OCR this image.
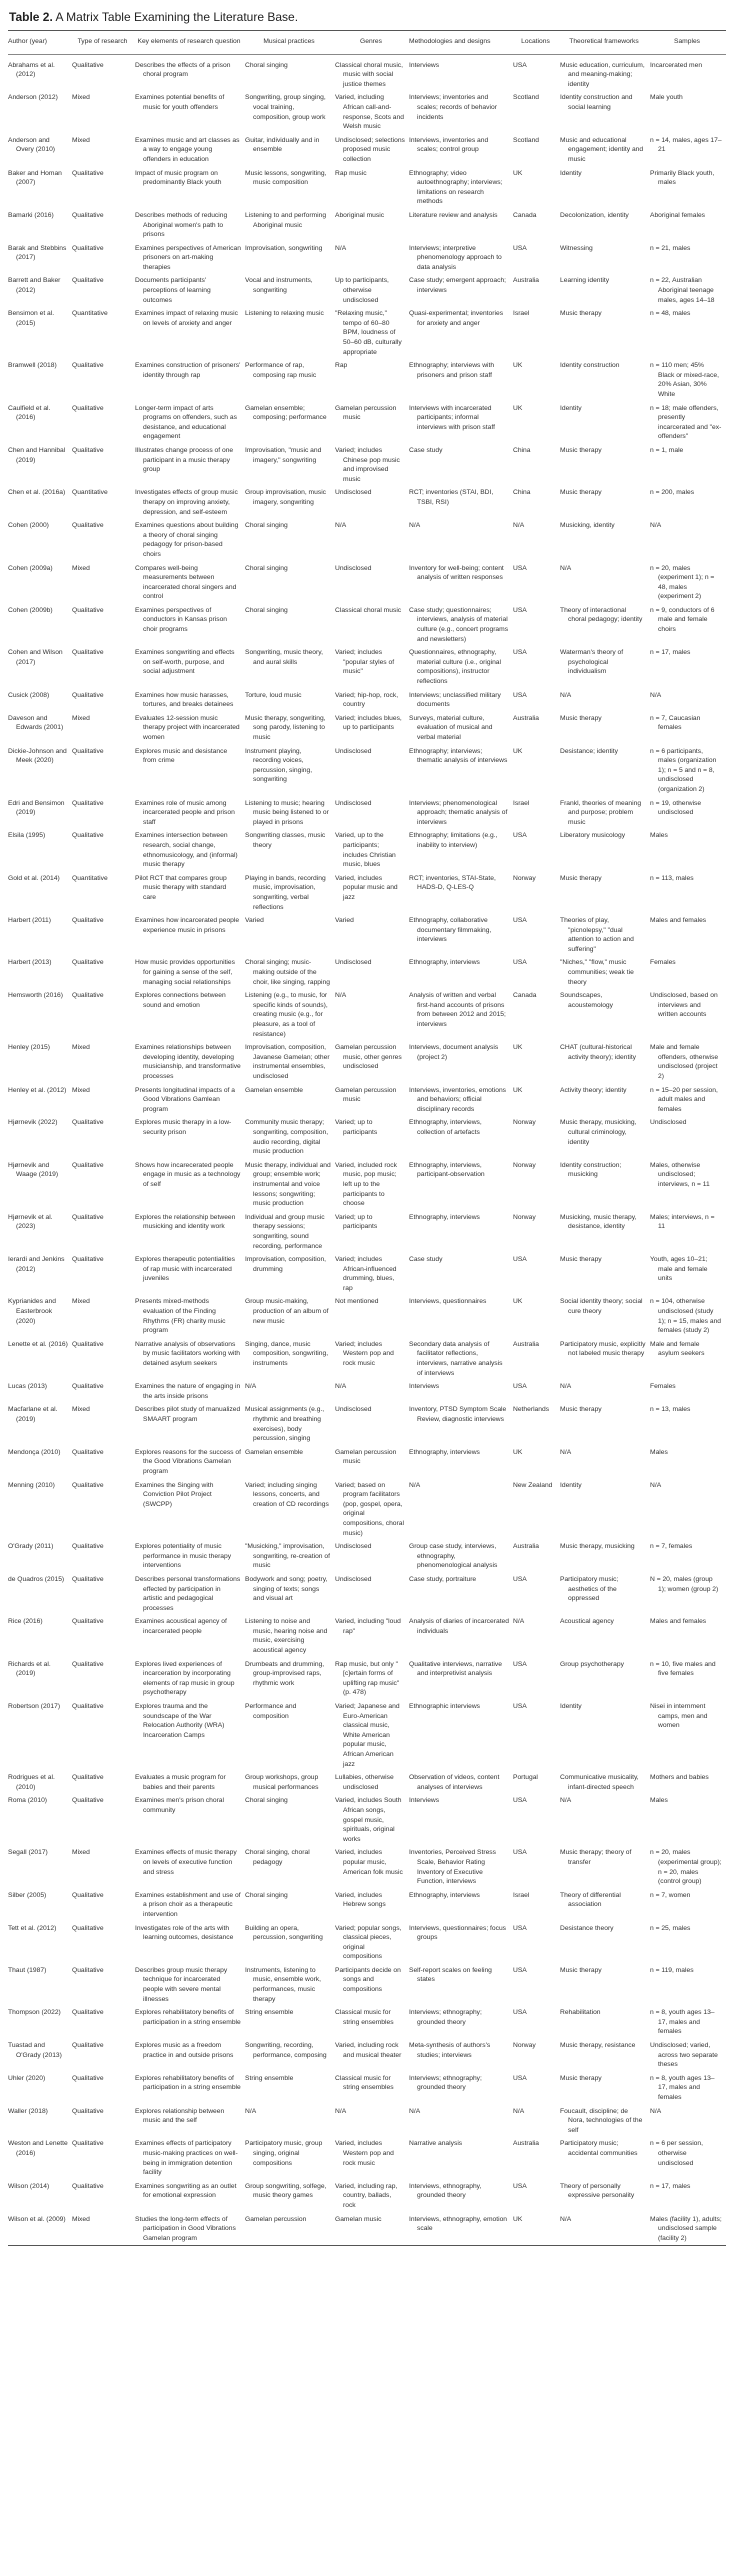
Table 2. A Matrix Table Examining the Literature Base.
Author (year)	Type of research	Key elements of research question	Musical practices	Genres	Methodologies and designs	Locations	Theoretical frameworks	Samples
Abrahams et al. (2012)	Qualitative	Describes the effects of a prison choral program	Choral singing	Classical choral music, music with social justice themes	Interviews	USA	Music education, curriculum, and meaning-making; identity	Incarcerated men
Anderson (2012)	Mixed	Examines potential benefits of music for youth offenders	Songwriting, group singing, vocal training, composition, group work	Varied, including African call-and-response, Scots and Welsh music	Interviews; inventories and scales; records of behavior incidents	Scotland	Identity construction and social learning	Male youth
Anderson and Overy (2010)	Mixed	Examines music and art classes as a way to engage young offenders in education	Guitar, individually and in ensemble	Undisclosed; selections proposed music collection	Interviews, inventories and scales; control group	Scotland	Music and educational engagement; identity and music	n = 14, males, ages 17–21
Baker and Homan (2007)	Qualitative	Impact of music program on predominantly Black youth	Music lessons, songwriting, music composition	Rap music	Ethnography; video autoethnography; interviews; limitations on research methods	UK	Identity	Primarily Black youth, males
Bamarki (2016)	Qualitative	Describes methods of reducing Aboriginal women's path to prisons	Listening to and performing Aboriginal music	Aboriginal music	Literature review and analysis	Canada	Decolonization, identity	Aboriginal females
Barak and Stebbins (2017)	Qualitative	Examines perspectives of American prisoners on art-making therapies	Improvisation, songwriting	N/A	Interviews; interpretive phenomenology approach to data analysis	USA	Witnessing	n = 21, males
Barrett and Baker (2012)	Qualitative	Documents participants' perceptions of learning outcomes	Vocal and instruments, songwriting	Up to participants, otherwise undisclosed	Case study; emergent approach; interviews	Australia	Learning identity	n = 22, Australian Aboriginal teenage males, ages 14–18
Bensimon et al. (2015)	Quantitative	Examines impact of relaxing music on levels of anxiety and anger	Listening to relaxing music	"Relaxing music," tempo of 60–80 BPM, loudness of 50–60 dB, culturally appropriate	Quasi-experimental; inventories for anxiety and anger	Israel	Music therapy	n = 48, males
Bramwell (2018)	Qualitative	Examines construction of prisoners' identity through rap	Performance of rap, composing rap music	Rap	Ethnography; interviews with prisoners and prison staff	UK	Identity construction	n = 110 men; 45% Black or mixed-race, 20% Asian, 30% White
Caulfield et al. (2016)	Qualitative	Longer-term impact of arts programs on offenders, such as desistance, and educational engagement	Gamelan ensemble; composing; performance	Gamelan percussion music	Interviews with incarcerated participants; informal interviews with prison staff	UK	Identity	n = 18; male offenders, presently incarcerated and "ex-offenders"
Chen and Hannibal (2019)	Qualitative	Illustrates change process of one participant in a music therapy group	Improvisation, "music and imagery," songwriting	Varied; includes Chinese pop music and improvised music	Case study	China	Music therapy	n = 1, male
Chen et al. (2016a)	Quantitative	Investigates effects of group music therapy on improving anxiety, depression, and self-esteem	Group improvisation, music imagery, songwriting	Undisclosed	RCT; inventories (STAI, BDI, TSBI, RSI)	China	Music therapy	n = 200, males
Cohen (2000)	Qualitative	Examines questions about building a theory of choral singing pedagogy for prison-based choirs	Choral singing	N/A	N/A	N/A	Musicking, identity	N/A
Cohen (2009a)	Mixed	Compares well-being measurements between incarcerated choral singers and control	Choral singing	Undisclosed	Inventory for well-being; content analysis of written responses	USA	N/A	n = 20, males (experiment 1); n = 48, males (experiment 2)
Cohen (2009b)	Qualitative	Examines perspectives of conductors in Kansas prison choir programs	Choral singing	Classical choral music	Case study; questionnaires; interviews, analysis of material culture (e.g., concert programs and newsletters)	USA	Theory of interactional choral pedagogy; identity	n = 9, conductors of 6 male and female choirs
Cohen and Wilson (2017)	Qualitative	Examines songwriting and effects on self-worth, purpose, and social adjustment	Songwriting, music theory, and aural skills	Varied; includes "popular styles of music"	Questionnaires, ethnography, material culture (i.e., original compositions), instructor reflections	USA	Waterman's theory of psychological individualism	n = 17, males
Cusick (2008)	Qualitative	Examines how music harasses, tortures, and breaks detainees	Torture, loud music	Varied; hip-hop, rock, country	Interviews; unclassified military documents	USA	N/A	N/A
Daveson and Edwards (2001)	Mixed	Evaluates 12-session music therapy project with incarcerated women	Music therapy, songwriting, song parody, listening to music	Varied; includes blues, up to participants	Surveys, material culture, evaluation of musical and verbal material	Australia	Music therapy	n = 7, Caucasian females
Dickie-Johnson and Meek (2020)	Qualitative	Explores music and desistance from crime	Instrument playing, recording voices, percussion, singing, songwriting	Undisclosed	Ethnography; interviews; thematic analysis of interviews	UK	Desistance; identity	n = 6 participants, males (organization 1); n = 5 and n = 8, undisclosed (organization 2)
Edri and Bensimon (2019)	Qualitative	Examines role of music among incarcerated people and prison staff	Listening to music; hearing music being listened to or played in prisons	Undisclosed	Interviews; phenomenological approach; thematic analysis of interviews	Israel	Frankl, theories of meaning and purpose; problem music	n = 19, otherwise undisclosed
Elsila (1995)	Qualitative	Examines intersection between research, social change, ethnomusicology, and (informal) music therapy	Songwriting classes, music theory	Varied, up to the participants; includes Christian music, blues	Ethnography; limitations (e.g., inability to interview)	USA	Liberatory musicology	Males
Gold et al. (2014)	Quantitative	Pilot RCT that compares group music therapy with standard care	Playing in bands, recording music, improvisation, songwriting, verbal reflections	Varied, includes popular music and jazz	RCT; inventories, STAI-State, HADS-D, Q-LES-Q	Norway	Music therapy	n = 113, males
Harbert (2011)	Qualitative	Examines how incarcerated people experience music in prisons	Varied	Varied	Ethnography, collaborative documentary filmmaking, interviews	USA	Theories of play, "picnolepsy," "dual attention to action and suffering"	Males and females
Harbert (2013)	Qualitative	How music provides opportunities for gaining a sense of the self, managing social relationships	Choral singing; music-making outside of the choir, like singing, rapping	Undisclosed	Ethnography, interviews	USA	"Niches," "flow," music communities; weak tie theory	Females
Hemsworth (2016)	Qualitative	Explores connections between sound and emotion	Listening (e.g., to music, for specific kinds of sounds), creating music (e.g., for pleasure, as a tool of resistance)	N/A	Analysis of written and verbal first-hand accounts of prisons from between 2012 and 2015; interviews	Canada	Soundscapes, acoustemology	Undisclosed, based on interviews and written accounts
Henley (2015)	Mixed	Examines relationships between developing identity, developing musicianship, and transformative processes	Improvisation, composition, Javanese Gamelan; other instrumental ensembles, undisclosed	Gamelan percussion music, other genres undisclosed	Interviews, document analysis (project 2)	UK	CHAT (cultural-historical activity theory); identity	Male and female offenders, otherwise undisclosed (project 2)
Henley et al. (2012)	Mixed	Presents longitudinal impacts of a Good Vibrations Gamlean program	Gamelan ensemble	Gamelan percussion music	Interviews, inventories, emotions and behaviors; official disciplinary records	UK	Activity theory; identity	n = 15–20 per session, adult males and females
Hjørnevik (2022)	Qualitative	Explores music therapy in a low-security prison	Community music therapy; songwriting, composition, audio recording, digital music production	Varied; up to participants	Ethnography, interviews, collection of artefacts	Norway	Music therapy, musicking, cultural criminology, identity	Undisclosed
Hjørnevik and Waage (2019)	Qualitative	Shows how incarecerated people engage in music as a technology of self	Music therapy, individual and group; ensemble work; instrumental and voice lessons; songwriting; music production	Varied, included rock music, pop music; left up to the participants to choose	Ethnography, interviews, participant-observation	Norway	Identity construction; musicking	Males, otherwise undisclosed; interviews, n = 11
Hjørnevik et al. (2023)	Qualitative	Explores the relationship between musicking and identity work	Individual and group music therapy sessions; songwriting, sound recording, performance	Varied; up to participants	Ethnography, interviews	Norway	Musicking, music therapy, desistance, identity	Males; interviews, n = 11
Ierardi and Jenkins (2012)	Qualitative	Explores therapeutic potentialities of rap music with incarcerated juveniles	Improvisation, composition, drumming	Varied; includes African-influenced drumming, blues, rap	Case study	USA	Music therapy	Youth, ages 10–21; male and female units
Kyprianides and Easterbrook (2020)	Mixed	Presents mixed-methods evaluation of the Finding Rhythms (FR) charity music program	Group music-making, production of an album of new music	Not mentioned	Interviews, questionnaires	UK	Social identity theory; social cure theory	n = 104, otherwise undisclosed (study 1); n = 15, males and females (study 2)
Lenette et al. (2016)	Qualitative	Narrative analysis of observations by music facilitators working with detained asylum seekers	Singing, dance, music composition, songwriting, instruments	Varied; includes Western pop and rock music	Secondary data analysis of facilitator reflections, interviews, narrative analysis of interviews	Australia	Participatory music, explicitly not labeled music therapy	Male and female asylum seekers
Lucas (2013)	Qualitative	Examines the nature of engaging in the arts inside prisons	N/A	N/A	Interviews	USA	N/A	Females
Macfarlane et al. (2019)	Mixed	Describes pilot study of manualized SMAART program	Musical assignments (e.g., rhythmic and breathing exercises), body percussion, singing	Undisclosed	Inventory, PTSD Symptom Scale Review, diagnostic interviews	Netherlands	Music therapy	n = 13, males
Mendonça (2010)	Qualitative	Explores reasons for the success of the Good Vibrations Gamelan program	Gamelan ensemble	Gamelan percussion music	Ethnography, interviews	UK	N/A	Males
Menning (2010)	Qualitative	Examines the Singing with Conviction Pilot Project (SWCPP)	Varied; including singing lessons, concerts, and creation of CD recordings	Varied; based on program facilitators (pop, gospel, opera, original compositions, choral music)	N/A	New Zealand	Identity	N/A
O'Grady (2011)	Qualitative	Explores potentiality of music performance in music therapy interventions	"Musicking," improvisation, songwriting, re-creation of music	Undisclosed	Group case study, interviews, ethnography, phenomenological analysis	Australia	Music therapy, musicking	n = 7, females
de Quadros (2015)	Qualitative	Describes personal transformations effected by participation in artistic and pedagogical processes	Bodywork and song; poetry, singing of texts; songs and visual art	Undisclosed	Case study, portraiture	USA	Participatory music; aesthetics of the oppressed	N = 20, males (group 1); women (group 2)
Rice (2016)	Qualitative	Examines acoustical agency of incarcerated people	Listening to noise and music, hearing noise and music, exercising acoustical agency	Varied, including "loud rap"	Analysis of diaries of incarcerated individuals	N/A	Acoustical agency	Males and females
Richards et al. (2019)	Qualitative	Explores lived experiences of incarceration by incorporating elements of rap music in group psychotherapy	Drumbeats and drumming, group-improvised raps, rhythmic work	Rap music, but only "[c]ertain forms of uplifting rap music" (p. 478)	Qualitative interviews, narrative and interpretivist analysis	USA	Group psychotherapy	n = 10, five males and five females
Robertson (2017)	Qualitative	Explores trauma and the soundscape of the War Relocation Authority (WRA) Incarceration Camps	Performance and composition	Varied; Japanese and Euro-American classical music, White American popular music, African American jazz	Ethnographic interviews	USA	Identity	Nisei in internment camps, men and women
Rodrigues et al. (2010)	Qualitative	Evaluates a music program for babies and their parents	Group workshops, group musical performances	Lullabies, otherwise undisclosed	Observation of videos, content analyses of interviews	Portugal	Communicative musicality, infant-directed speech	Mothers and babies
Roma (2010)	Qualitative	Examines men's prison choral community	Choral singing	Varied, includes South African songs, gospel music, spirituals, original works	Interviews	USA	N/A	Males
Segall (2017)	Mixed	Examines effects of music therapy on levels of executive function and stress	Choral singing, choral pedagogy	Varied, includes popular music, American folk music	Inventories, Perceived Stress Scale, Behavior Rating Inventory of Executive Function, interviews	USA	Music therapy; theory of transfer	n = 20, males (experimental group); n = 20, males (control group)
Silber (2005)	Qualitative	Examines establishment and use of a prison choir as a therapeutic intervention	Choral singing	Varied, includes Hebrew songs	Ethnography, interviews	Israel	Theory of differential association	n = 7, women
Tett et al. (2012)	Qualitative	Investigates role of the arts with learning outcomes, desistance	Building an opera, percussion, songwriting	Varied; popular songs, classical pieces, original compositions	Interviews, questionnaires; focus groups	USA	Desistance theory	n = 25, males
Thaut (1987)	Qualitative	Describes group music therapy technique for incarcerated people with severe mental illnesses	Instruments, listening to music, ensemble work, performances, music therapy	Participants decide on songs and compositions	Self-report scales on feeling states	USA	Music therapy	n = 119, males
Thompson (2022)	Qualitative	Explores rehabilitatory benefits of participation in a string ensemble	String ensemble	Classical music for string ensembles	Interviews; ethnography; grounded theory	USA	Rehabilitation	n = 8, youth ages 13–17, males and females
Tuastad and O'Grady (2013)	Qualitative	Explores music as a freedom practice in and outside prisons	Songwriting, recording, performance, composing	Varied, including rock and musical theater	Meta-synthesis of authors's studies; interviews	Norway	Music therapy, resistance	Undisclosed; varied, across two separate theses
Uhler (2020)	Qualitative	Explores rehabilitatory benefits of participation in a string ensemble	String ensemble	Classical music for string ensembles	Interviews; ethnography; grounded theory	USA	Music therapy	n = 8, youth ages 13–17, males and females
Waller (2018)	Qualitative	Explores relationship between music and the self	N/A	N/A	N/A	N/A	Foucault, discipline; de Nora, technologies of the self	N/A
Weston and Lenette (2016)	Qualitative	Examines effects of participatory music-making practices on well-being in immigration detention facility	Participatory music, group singing, original compositions	Varied, includes Western pop and rock music	Narrative analysis	Australia	Participatory music; accidental communities	n = 6 per session, otherwise undisclosed
Wilson (2014)	Qualitative	Examines songwriting as an outlet for emotional expression	Group songwriting, solfege, music theory games	Varied, including rap, country, ballads, rock	Interviews, ethnography, grounded theory	USA	Theory of personally expressive personality	n = 17, males
Wilson et al. (2009)	Mixed	Studies the long-term effects of participation in Good Vibrations Gamelan program	Gamelan percussion	Gamelan music	Interviews, ethnography, emotion scale	UK	N/A	Males (facility 1), adults; undisclosed sample (facility 2)
